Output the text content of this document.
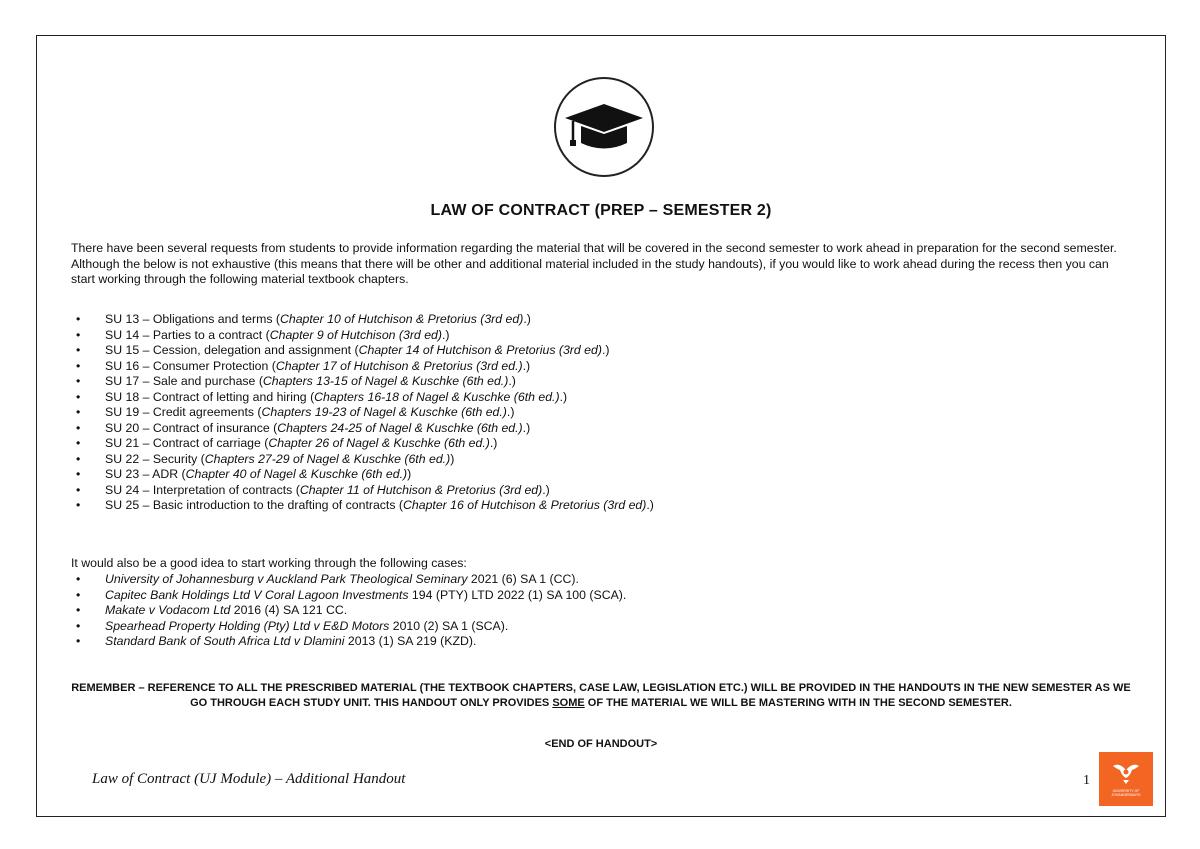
LAW OF CONTRACT (PREP – SEMESTER 2)
There have been several requests from students to provide information regarding the material that will be covered in the second semester to work ahead in preparation for the second semester. Although the below is not exhaustive (this means that there will be other and additional material included in the study handouts), if you would like to work ahead during the recess then you can start working through the following material textbook chapters.
• SU 13 – Obligations and terms (Chapter 10 of Hutchison & Pretorius (3rd ed).)
• SU 14 – Parties to a contract (Chapter 9 of Hutchison (3rd ed).)
• SU 15 – Cession, delegation and assignment (Chapter 14 of Hutchison & Pretorius (3rd ed).)
• SU 16 – Consumer Protection (Chapter 17 of Hutchison & Pretorius (3rd ed.).)
• SU 17 – Sale and purchase (Chapters 13-15 of Nagel & Kuschke (6th ed.).)
• SU 18 – Contract of letting and hiring (Chapters 16-18 of Nagel & Kuschke (6th ed.).)
• SU 19 – Credit agreements (Chapters 19-23 of Nagel & Kuschke (6th ed.).)
• SU 20 – Contract of insurance (Chapters 24-25 of Nagel & Kuschke (6th ed.).)
• SU 21 – Contract of carriage (Chapter 26 of Nagel & Kuschke (6th ed.).)
• SU 22 – Security (Chapters 27-29 of Nagel & Kuschke (6th ed.))
• SU 23 – ADR (Chapter 40 of Nagel & Kuschke (6th ed.))
• SU 24 – Interpretation of contracts (Chapter 11 of Hutchison & Pretorius (3rd ed).)
• SU 25 – Basic introduction to the drafting of contracts (Chapter 16 of Hutchison & Pretorius (3rd ed).)
It would also be a good idea to start working through the following cases:
• University of Johannesburg v Auckland Park Theological Seminary 2021 (6) SA 1 (CC).
• Capitec Bank Holdings Ltd V Coral Lagoon Investments 194 (PTY) LTD 2022 (1) SA 100 (SCA).
• Makate v Vodacom Ltd 2016 (4) SA 121 CC.
• Spearhead Property Holding (Pty) Ltd v E&D Motors 2010 (2) SA 1 (SCA).
• Standard Bank of South Africa Ltd v Dlamini 2013 (1) SA 219 (KZD).
REMEMBER – REFERENCE TO ALL THE PRESCRIBED MATERIAL (THE TEXTBOOK CHAPTERS, CASE LAW, LEGISLATION ETC.) WILL BE PROVIDED IN THE HANDOUTS IN THE NEW SEMESTER AS WE GO THROUGH EACH STUDY UNIT. THIS HANDOUT ONLY PROVIDES SOME OF THE MATERIAL WE WILL BE MASTERING WITH IN THE SECOND SEMESTER.
<END OF HANDOUT>
Law of Contract (UJ Module) – Additional Handout	1
UNIVERSITY OF JOHANNESBURG
